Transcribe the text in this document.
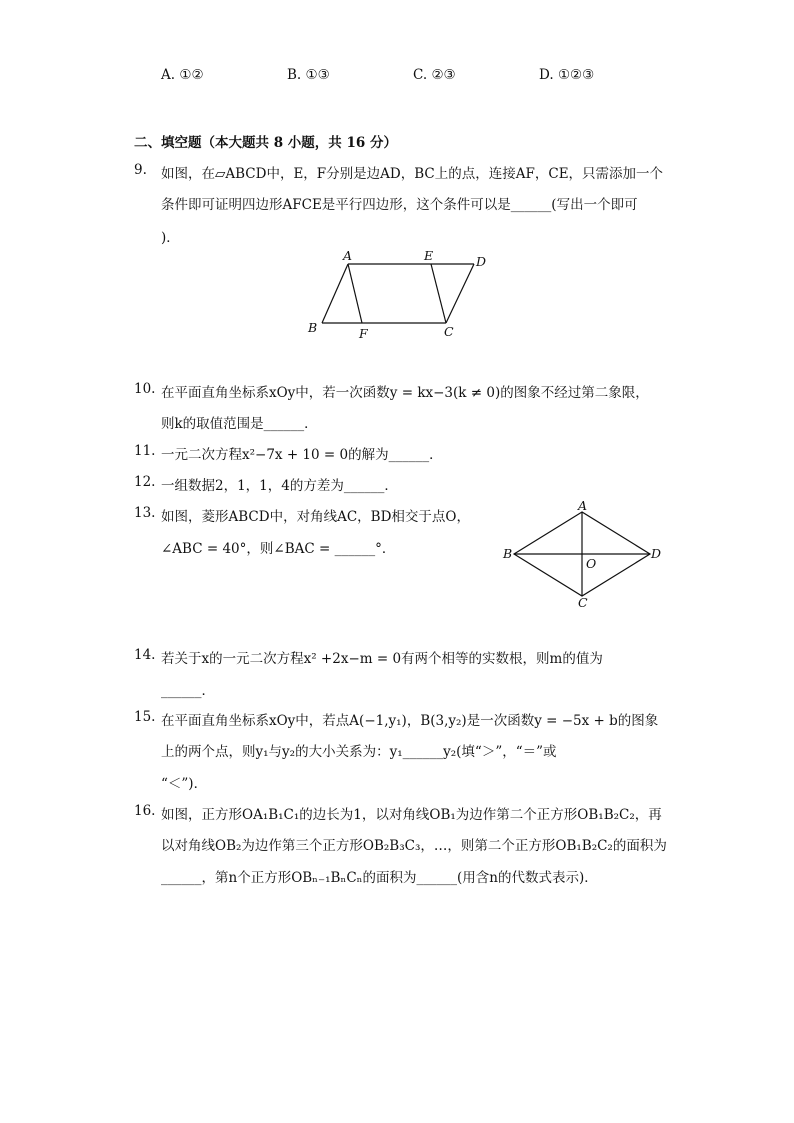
A. ①②	B. ①③	C. ②③	D. ①②③
二、填空题（本大题共 8 小题，共 16 分）
9.	如图，在▱ABCD中，E，F分别是边AD，BC上的点，连接AF，CE，只需添加一个
条件即可证明四边形AFCE是平行四边形，这个条件可以是______(写出一个即可
)．
A	E	D
B	F	C
10. 在平面直角坐标系xOy中，若一次函数y = kx−3(k ≠ 0)的图象不经过第二象限，
则k的取值范围是______．
11. 一元二次方程x²−7x + 10 = 0的解为______．
12. 一组数据2，1，1，4的方差为______．
13. 如图，菱形ABCD中，对角线AC，BD相交于点O，
∠ABC = 40°，则∠BAC = ______°．
A
B
C
D
O
14. 若关于x的一元二次方程x² +2x−m = 0有两个相等的实数根，则m的值为
______．
15. 在平面直角坐标系xOy中，若点A(−1,y₁)，B(3,y₂)是一次函数y = −5x + b的图象
上的两个点，则y₁与y₂的大小关系为：y₁______y₂(填“＞”，“＝”或
“＜”)．
16. 如图，正方形OA₁B₁C₁的边长为1，以对角线OB₁为边作第二个正方形OB₁B₂C₂，再
以对角线OB₂为边作第三个正方形OB₂B₃C₃，…，则第二个正方形OB₁B₂C₂的面积为
______，第n个正方形OBₙ₋₁BₙCₙ的面积为______(用含n的代数式表示)．
